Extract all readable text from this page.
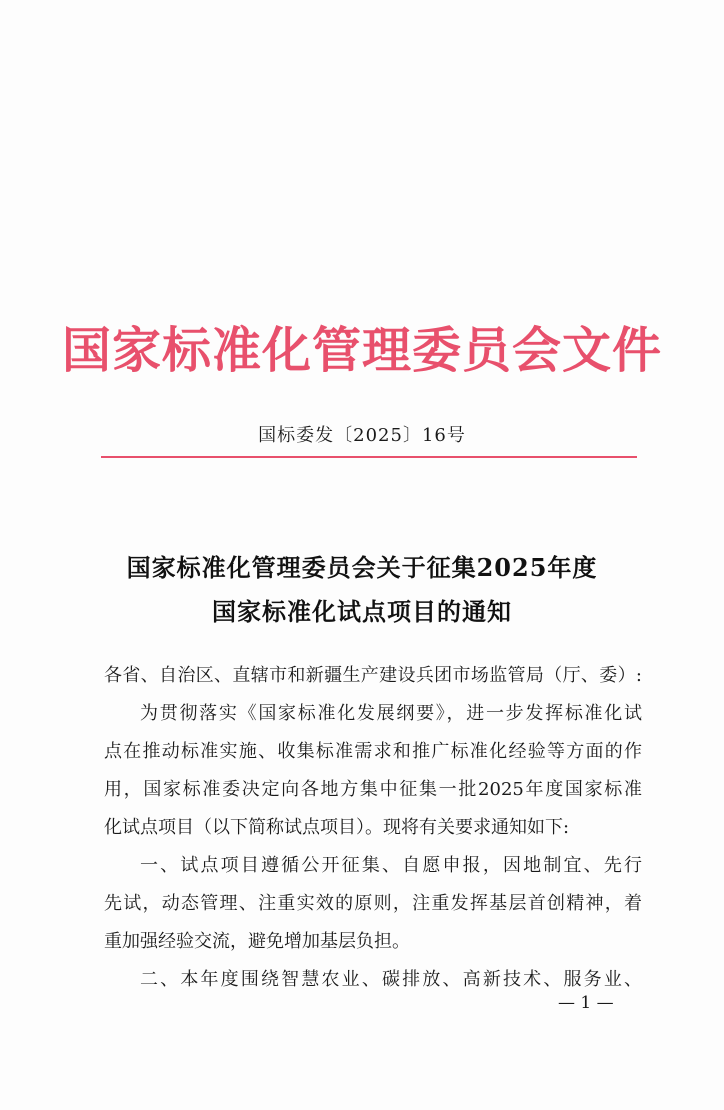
国家标准化管理委员会文件
国标委发〔2025〕16号
国家标准化管理委员会关于征集2025年度
国家标准化试点项目的通知
各省、自治区、直辖市和新疆生产建设兵团市场监管局（厅、委）:
为贯彻落实《国家标准化发展纲要》，进一步发挥标准化试
点在推动标准实施、收集标准需求和推广标准化经验等方面的作
用，国家标准委决定向各地方集中征集一批2025年度国家标准
化试点项目（以下简称试点项目）。现将有关要求通知如下:
一、试点项目遵循公开征集、自愿申报，因地制宜、先行
先试，动态管理、注重实效的原则，注重发挥基层首创精神，着
重加强经验交流，避免增加基层负担。
二、本年度围绕智慧农业、碳排放、高新技术、服务业、
— 1 —
